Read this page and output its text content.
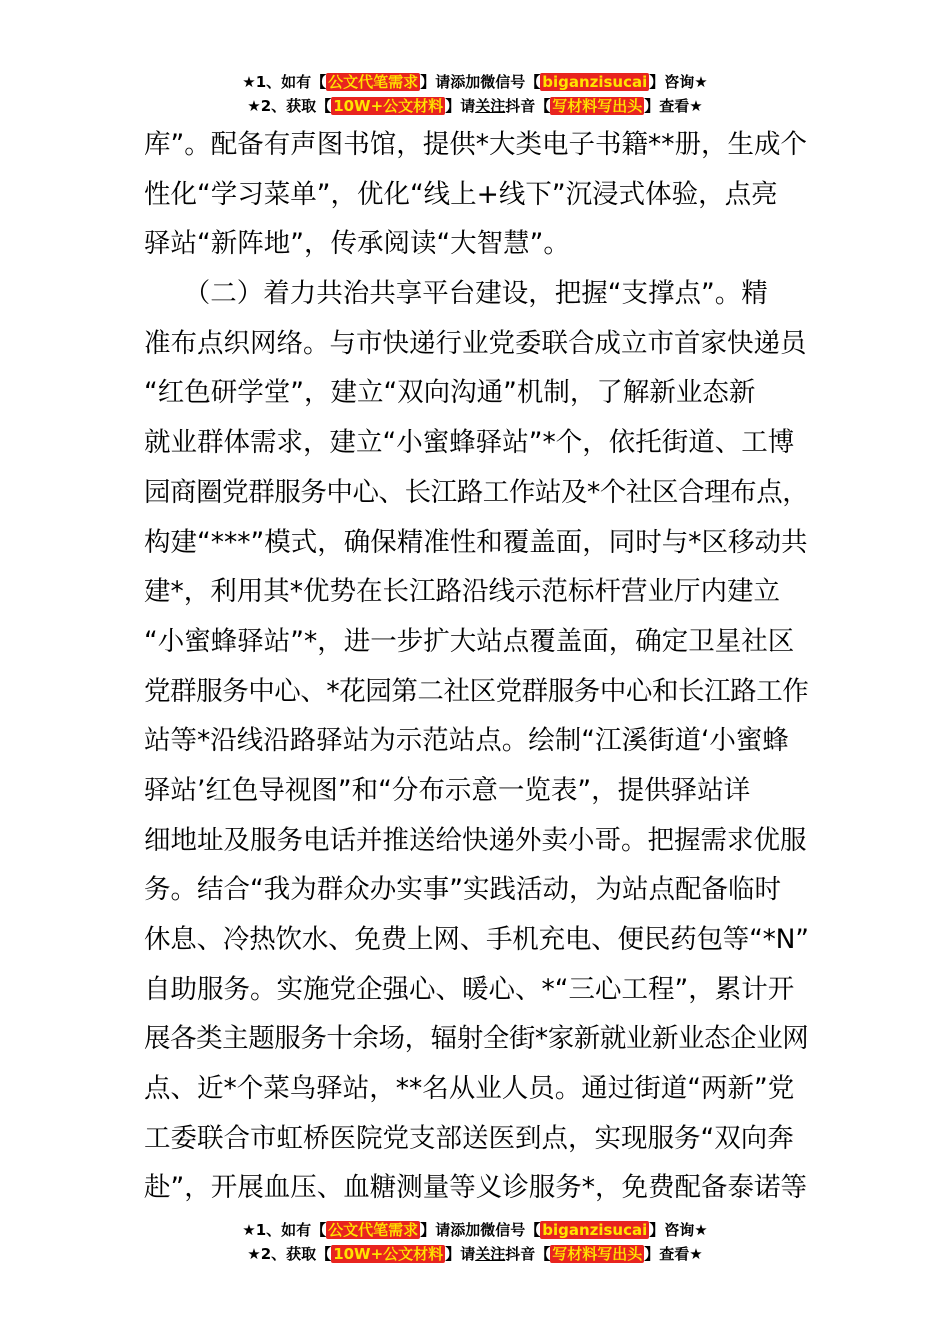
★1、如有【 公文代笔需求 】请添加微信号【 biganzisucai 】咨询★
★2、获取【 10W+公文材料 】请关注抖音【 写材料写出头 】查看★
库”。配备有声图书馆，提供*大类电子书籍**册，生成个
性化“学习菜单”，优化“线上+线下”沉浸式体验，点亮
驿站“新阵地”，传承阅读“大智慧”。
　　（二）着力共治共享平台建设，把握“支撑点”。精
准布点织网络。与市快递行业党委联合成立市首家快递员
“红色研学堂”，建立“双向沟通”机制，了解新业态新
就业群体需求，建立“小蜜蜂驿站”*个，依托街道、工博
园商圈党群服务中心、长江路工作站及*个社区合理布点，
构建“***”模式，确保精准性和覆盖面，同时与*区移动共
建*，利用其*优势在长江路沿线示范标杆营业厅内建立
“小蜜蜂驿站”*，进一步扩大站点覆盖面，确定卫星社区
党群服务中心、*花园第二社区党群服务中心和长江路工作
站等*沿线沿路驿站为示范站点。绘制“江溪街道‘小蜜蜂
驿站’红色导视图”和“分布示意一览表”，提供驿站详
细地址及服务电话并推送给快递外卖小哥。把握需求优服
务。结合“我为群众办实事”实践活动，为站点配备临时
休息、冷热饮水、免费上网、手机充电、便民药包等“*N”
自助服务。实施党企强心、暖心、*“三心工程”，累计开
展各类主题服务十余场，辐射全街*家新就业新业态企业网
点、近*个菜鸟驿站，**名从业人员。通过街道“两新”党
工委联合市虹桥医院党支部送医到点，实现服务“双向奔
赴”，开展血压、血糖测量等义诊服务*，免费配备泰诺等
★1、如有【 公文代笔需求 】请添加微信号【 biganzisucai 】咨询★
★2、获取【 10W+公文材料 】请关注抖音【 写材料写出头 】查看★
